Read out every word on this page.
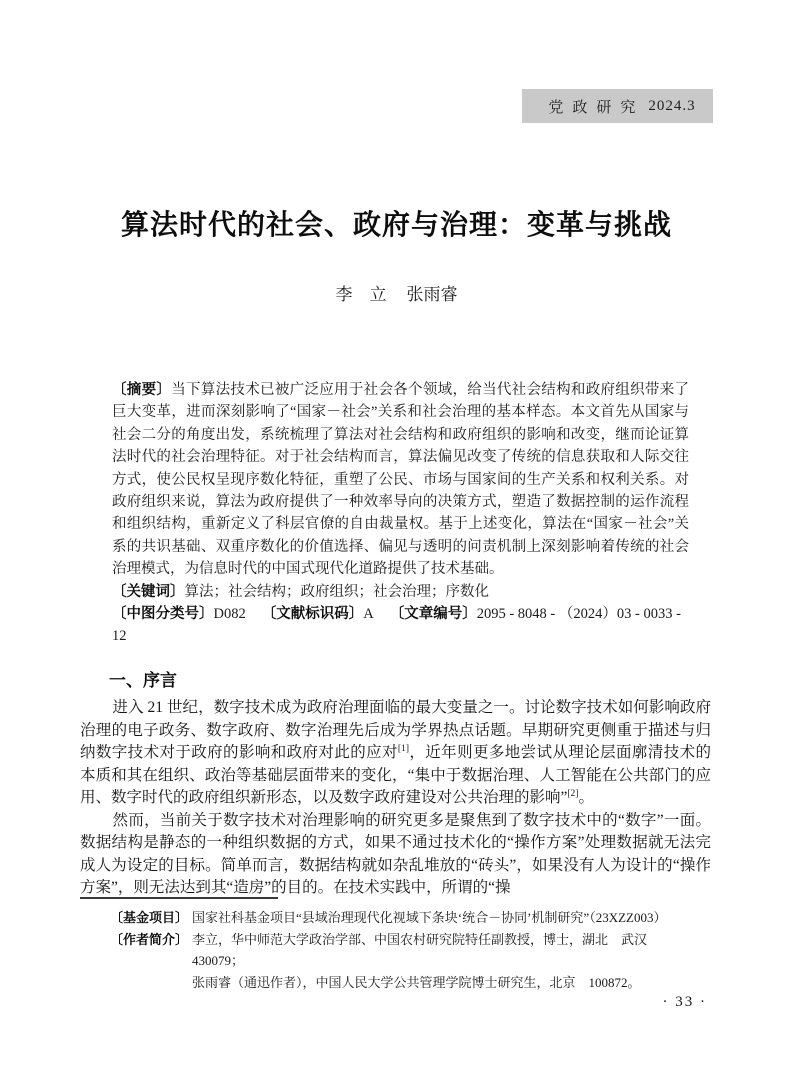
党政研究 2024.3
算法时代的社会、政府与治理：变革与挑战
李　立 张雨睿

〔摘要〕当下算法技术已被广泛应用于社会各个领域，给当代社会结构和政府组织带来了巨大变革，进而深刻影响了“国家－社会”关系和社会治理的基本样态。本文首先从国家与社会二分的角度出发，系统梳理了算法对社会结构和政府组织的影响和改变，继而论证算法时代的社会治理特征。对于社会结构而言，算法偏见改变了传统的信息获取和人际交往方式，使公民权呈现序数化特征，重塑了公民、市场与国家间的生产关系和权利关系。对政府组织来说，算法为政府提供了一种效率导向的决策方式，塑造了数据控制的运作流程和组织结构，重新定义了科层官僚的自由裁量权。基于上述变化，算法在“国家－社会”关系的共识基础、双重序数化的价值选择、偏见与透明的问责机制上深刻影响着传统的社会治理模式，为信息时代的中国式现代化道路提供了技术基础。

〔关键词〕算法；社会结构；政府组织；社会治理；序数化

〔中图分类号〕D082 〔文献标识码〕A 〔文章编号〕2095 - 8048 - （2024）03 - 0033 - 12

一、序言

进入 21 世纪，数字技术成为政府治理面临的最大变量之一。讨论数字技术如何影响政府治理的电子政务、数字政府、数字治理先后成为学界热点话题。早期研究更侧重于描述与归纳数字技术对于政府的影响和政府对此的应对[1]，近年则更多地尝试从理论层面廓清技术的本质和其在组织、政治等基础层面带来的变化，“集中于数据治理、人工智能在公共部门的应用、数字时代的政府组织新形态，以及数字政府建设对公共治理的影响”[2]。

然而，当前关于数字技术对治理影响的研究更多是聚焦到了数字技术中的“数字”一面。数据结构是静态的一种组织数据的方式，如果不通过技术化的“操作方案”处理数据就无法完成人为设定的目标。简单而言，数据结构就如杂乱堆放的“砖头”，如果没有人为设计的“操作方案”，则无法达到其“造房”的目的。在技术实践中，所谓的“操

〔基金项目〕 国家社科基金项目“县域治理现代化视域下条块‘统合－协同’机制研究”（23XZZ003）
〔作者简介〕 李立，华中师范大学政治学部、中国农村研究院特任副教授，博士，湖北　武汉
430079；
张雨睿（通迅作者），中国人民大学公共管理学院博士研究生，北京　100872。
· 33 ·
